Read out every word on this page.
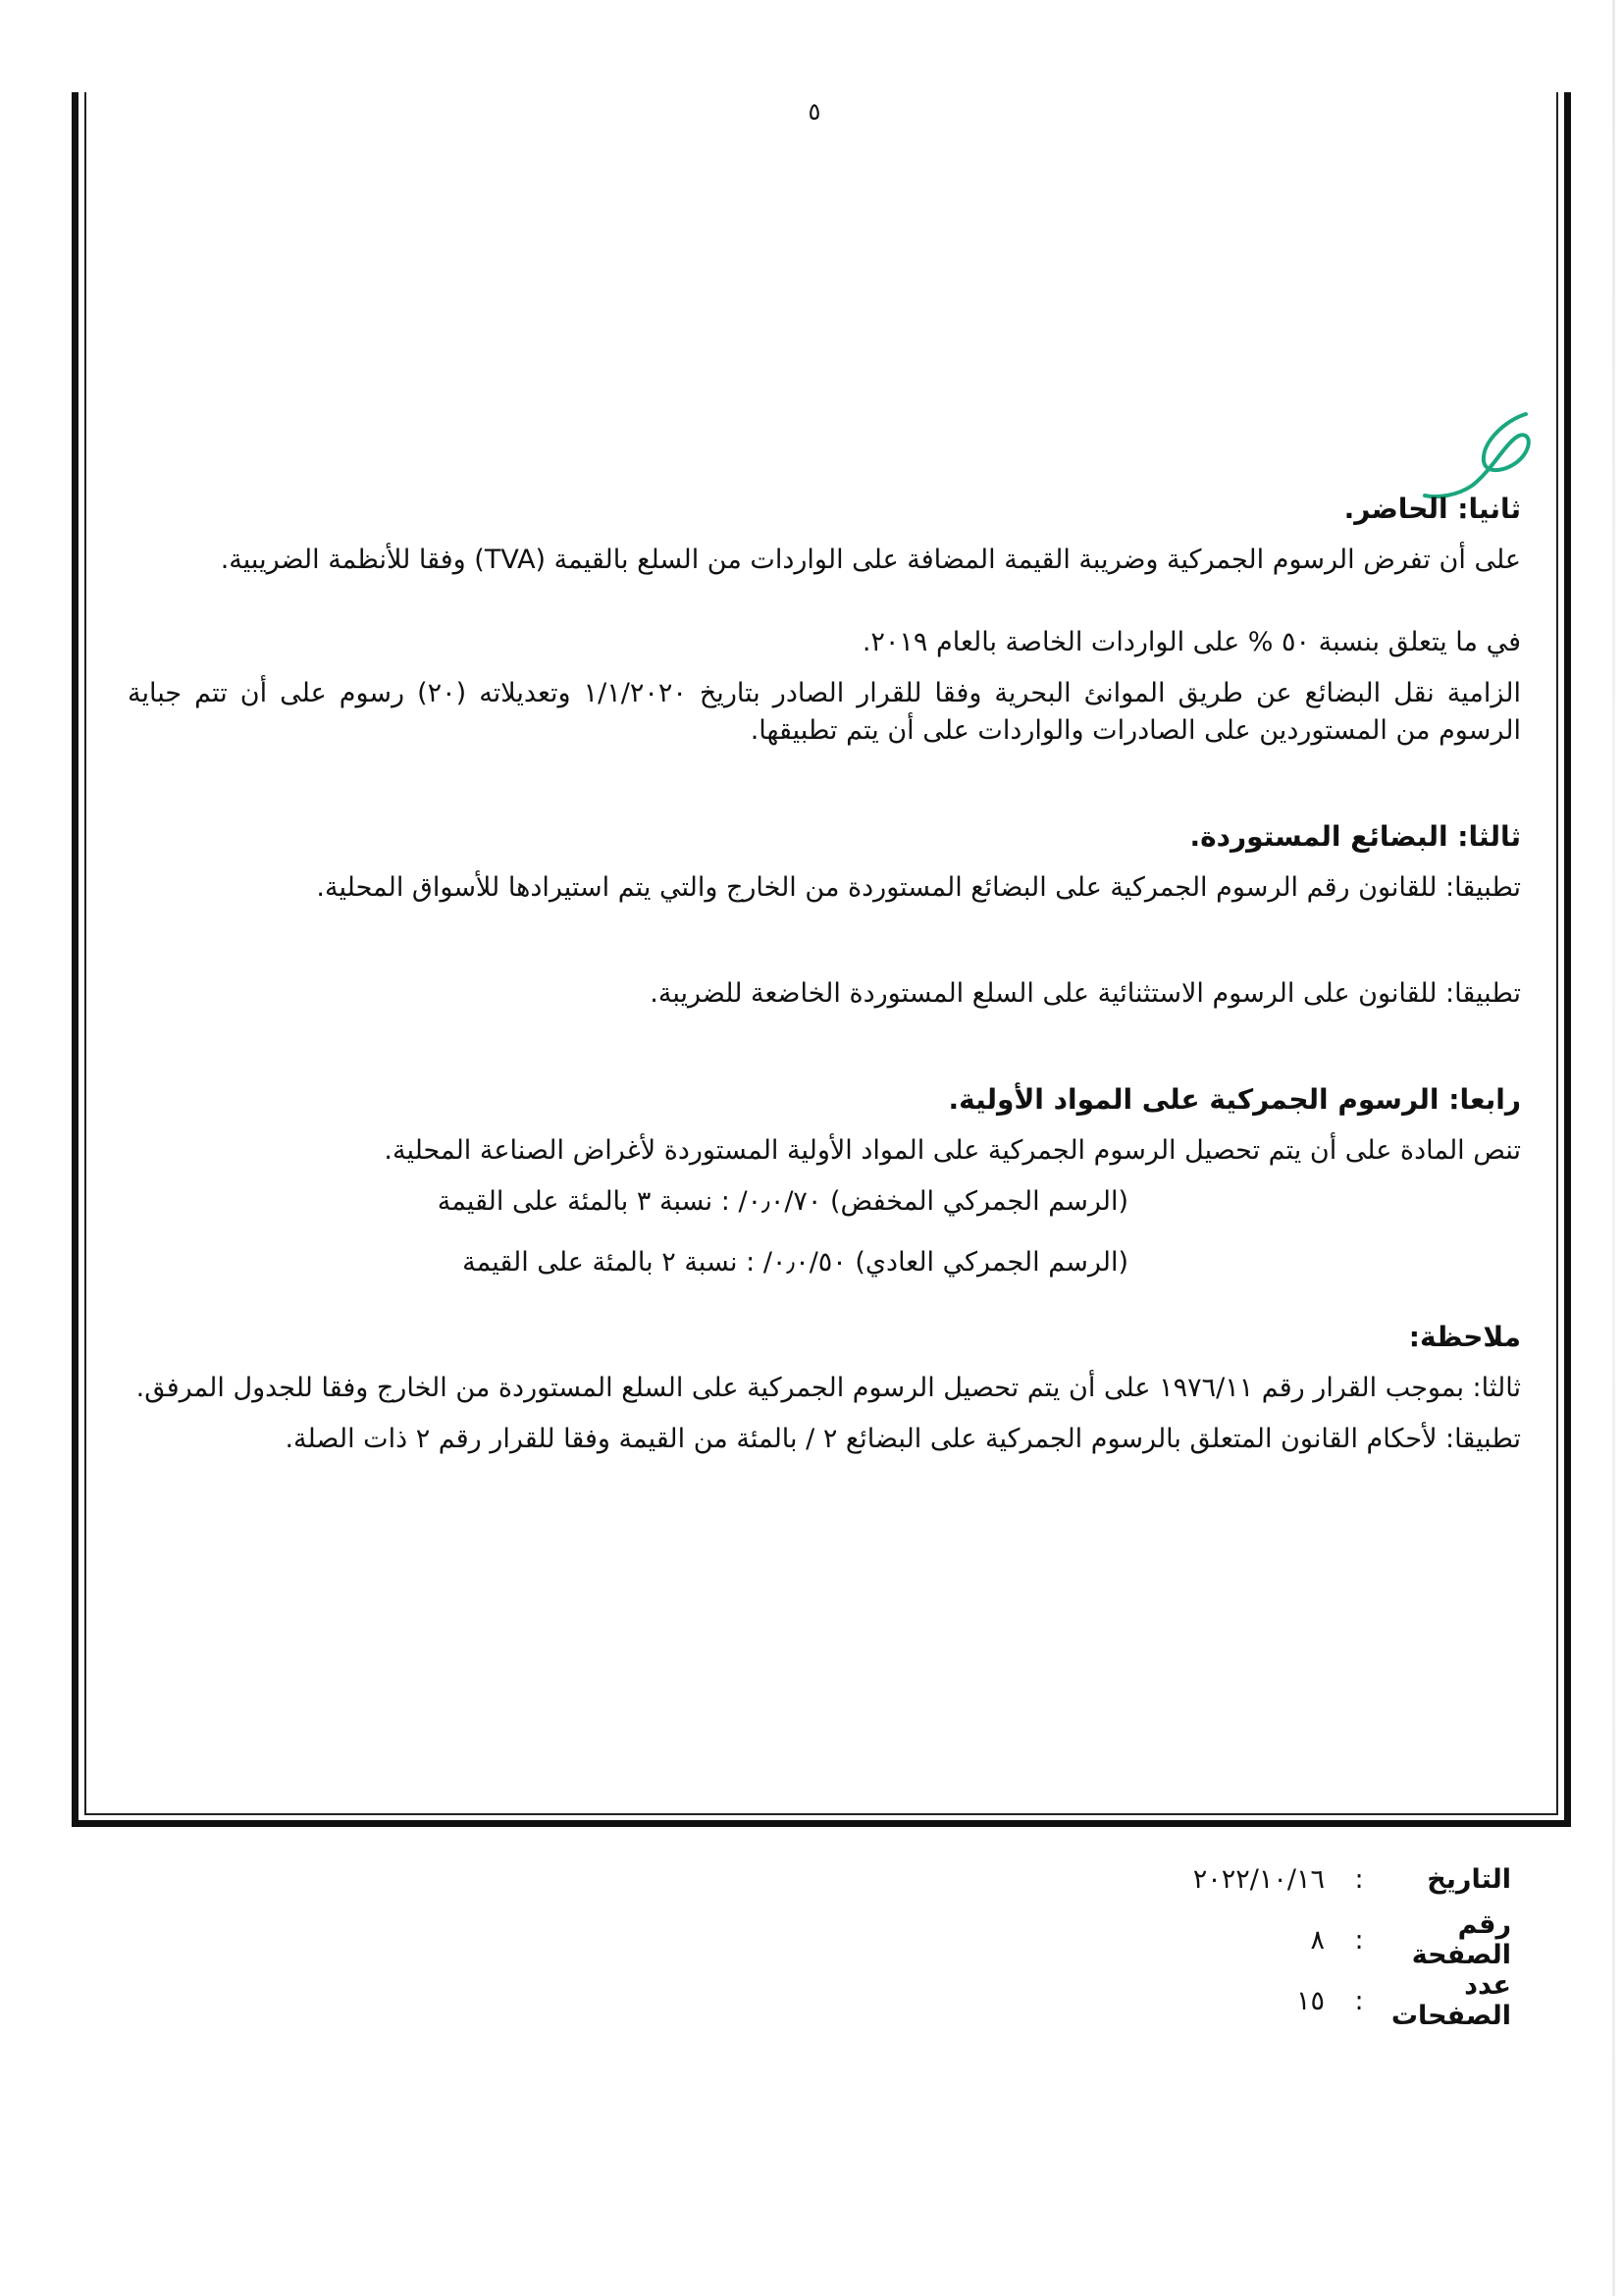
٥

ثانيا: الحاضر.

على أن تفرض الرسوم الجمركية وضريبة القيمة المضافة على الواردات من السلع بالقيمة (TVA) وفقا للأنظمة الضريبية.

في ما يتعلق بنسبة ٥٠ % على الواردات الخاصة بالعام ٢٠١٩.

الزامية نقل البضائع عن طريق الموانئ البحرية وفقا للقرار الصادر بتاريخ ١/١/٢٠٢٠ وتعديلاته (٢٠) رسوم على أن تتم جباية الرسوم من المستوردين على الصادرات والواردات على أن يتم تطبيقها.

ثالثا: البضائع المستوردة.

تطبيقا: للقانون رقم الرسوم الجمركية على البضائع المستوردة من الخارج والتي يتم استيرادها للأسواق المحلية.

تطبيقا: للقانون على الرسوم الاستثنائية على السلع المستوردة الخاضعة للضريبة.

رابعا: الرسوم الجمركية على المواد الأولية.

تنص المادة على أن يتم تحصيل الرسوم الجمركية على المواد الأولية المستوردة لأغراض الصناعة المحلية.

(الرسم الجمركي المخفض) ٠٫٠/٧٠/ : نسبة ٣ بالمئة على القيمة
(الرسم الجمركي العادي) ٠٫٠/٥٠/ : نسبة ٢ بالمئة على القيمة

ملاحظة:

ثالثا: بموجب القرار رقم ١٩٧٦/١١ على أن يتم تحصيل الرسوم الجمركية على السلع المستوردة من الخارج وفقا للجدول المرفق.

تطبيقا: لأحكام القانون المتعلق بالرسوم الجمركية على البضائع ٢ / بالمئة من القيمة وفقا للقرار رقم ٢ ذات الصلة.

التاريخ
:
٢٠٢٢/١٠/١٦
رقم الصفحة
:
٨
عدد الصفحات
:
١٥
